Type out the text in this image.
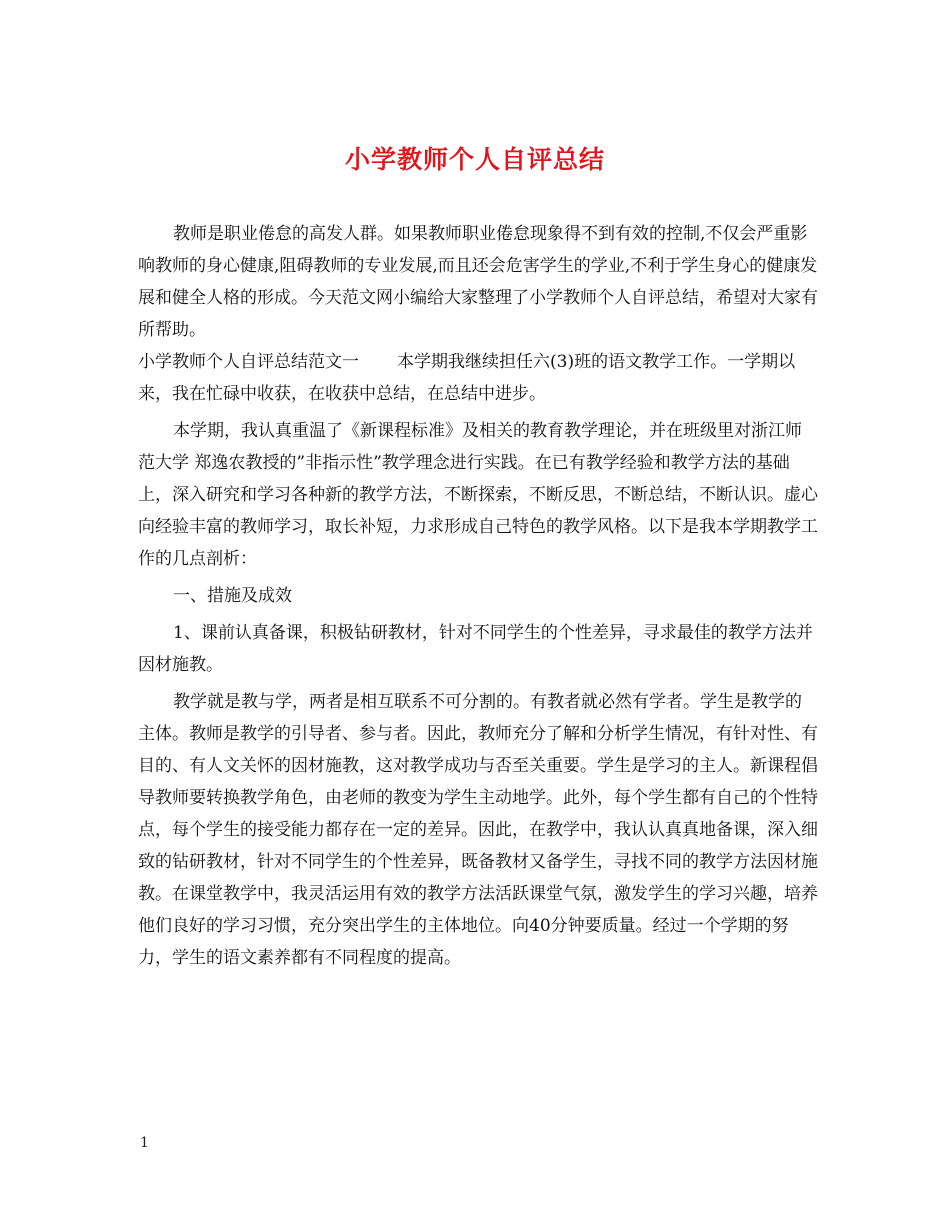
小学教师个人自评总结

教师是职业倦怠的高发人群。如果教师职业倦怠现象得不到有效的控制,不仅会严重影响教师的身心健康,阻碍教师的专业发展,而且还会危害学生的学业,不利于学生身心的健康发展和健全人格的形成。今天范文网小编给大家整理了小学教师个人自评总结，希望对大家有所帮助。

小学教师个人自评总结范文一 本学期我继续担任六(3)班的语文教学工作。一学期以来，我在忙碌中收获，在收获中总结，在总结中进步。

本学期，我认真重温了《新课程标准》及相关的教育教学理论，并在班级里对浙江师范大学 郑逸农教授的”非指示性”教学理念进行实践。在已有教学经验和教学方法的基础上，深入研究和学习各种新的教学方法，不断探索，不断反思，不断总结，不断认识。虚心向经验丰富的教师学习，取长补短，力求形成自己特色的教学风格。以下是我本学期教学工作的几点剖析：

一、措施及成效

1、课前认真备课，积极钻研教材，针对不同学生的个性差异，寻求最佳的教学方法并因材施教。

教学就是教与学，两者是相互联系不可分割的。有教者就必然有学者。学生是教学的主体。教师是教学的引导者、参与者。因此，教师充分了解和分析学生情况，有针对性、有目的、有人文关怀的因材施教，这对教学成功与否至关重要。学生是学习的主人。新课程倡导教师要转换教学角色，由老师的教变为学生主动地学。此外，每个学生都有自己的个性特点，每个学生的接受能力都存在一定的差异。因此，在教学中，我认认真真地备课，深入细致的钻研教材，针对不同学生的个性差异，既备教材又备学生，寻找不同的教学方法因材施教。在课堂教学中，我灵活运用有效的教学方法活跃课堂气氛，激发学生的学习兴趣，培养他们良好的学习习惯，充分突出学生的主体地位。向40分钟要质量。经过一个学期的努力，学生的语文素养都有不同程度的提高。

1
